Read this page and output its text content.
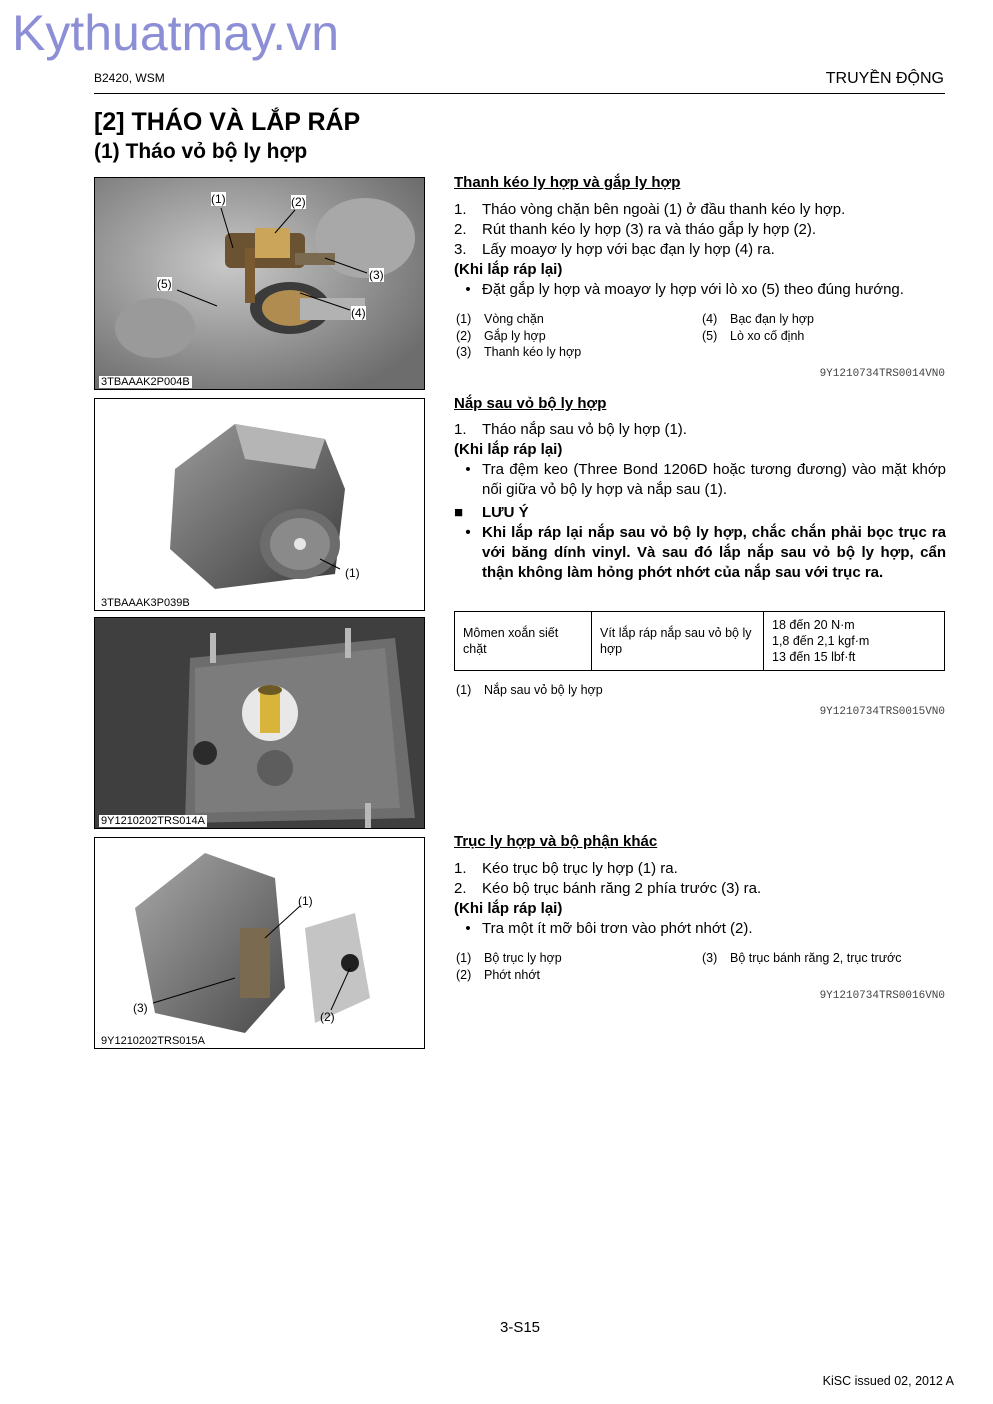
Kythuatmay.vn
B2420, WSM	TRUYỀN ĐỘNG
[2] THÁO VÀ LẮP RÁP
(1) Tháo vỏ bộ ly hợp
(1)	(2)
(3)
(4)
(5)
3TBAAAK2P004B
(1)
3TBAAAK3P039B
9Y1210202TRS014A
(1)
(2)
(3)
9Y1210202TRS015A
Thanh kéo ly hợp và gắp ly hợp
1. Tháo vòng chặn bên ngoài (1) ở đầu thanh kéo ly hợp.
2. Rút thanh kéo ly hợp (3) ra và tháo gắp ly hợp (2).
3. Lấy moayơ ly hợp với bạc đạn ly hợp (4) ra.
(Khi lắp ráp lại)
• Đặt gắp ly hợp và moayơ ly hợp với lò xo (5) theo đúng hướng.
(1) Vòng chặn
(2) Gắp ly hợp
(3) Thanh kéo ly hợp
(4) Bạc đạn ly hợp
(5) Lò xo cố định
9Y1210734TRS0014VN0
Nắp sau vỏ bộ ly hợp
1. Tháo nắp sau vỏ bộ ly hợp (1).
(Khi lắp ráp lại)
• Tra đệm keo (Three Bond 1206D hoặc tương đương) vào mặt khớp nối giữa vỏ bộ ly hợp và nắp sau (1).
■ LƯU Ý
• Khi lắp ráp lại nắp sau vỏ bộ ly hợp, chắc chắn phải bọc trục ra với băng dính vinyl. Và sau đó lắp nắp sau vỏ bộ ly hợp, cẩn thận không làm hỏng phớt nhớt của nắp sau với trục ra.
Mômen xoắn siết chặt	Vít lắp ráp nắp sau vỏ bộ ly hợp	
18 đến 20 N·m
1,8 đến 2,1 kgf·m
13 đến 15 lbf·ft
(1) Nắp sau vỏ bộ ly hợp
9Y1210734TRS0015VN0
Trục ly hợp và bộ phận khác
1. Kéo trục bộ trục ly hợp (1) ra.
2. Kéo bộ trục bánh răng 2 phía trước (3) ra.
(Khi lắp ráp lại)
• Tra một ít mỡ bôi trơn vào phớt nhớt (2).
(1) Bộ trục ly hợp
(2) Phớt nhớt
(3) Bộ trục bánh răng 2, trục trước
9Y1210734TRS0016VN0
3-S15
KiSC issued 02, 2012 A
